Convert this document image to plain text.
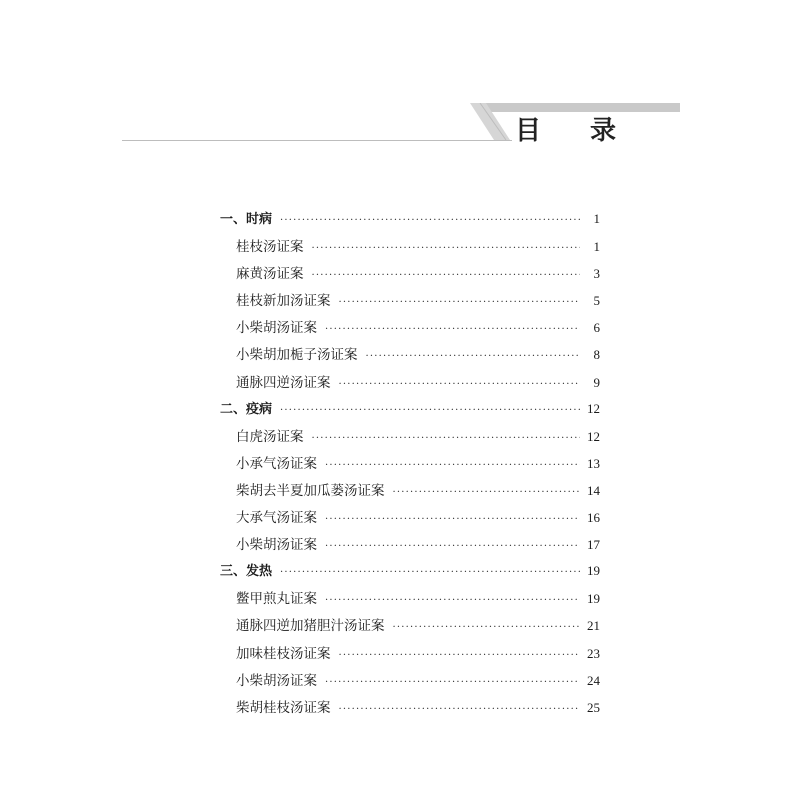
目 录
一、时病 ·····	1
桂枝汤证案 ·····	1
麻黄汤证案 ·····	3
桂枝新加汤证案 ·····	5
小柴胡汤证案 ·····	6
小柴胡加栀子汤证案 ·····	8
通脉四逆汤证案 ·····	9
二、疫病 ·····	12
白虎汤证案 ·····	12
小承气汤证案 ·····	13
柴胡去半夏加瓜蒌汤证案 ·····	14
大承气汤证案 ·····	16
小柴胡汤证案 ·····	17
三、发热 ·····	19
鳖甲煎丸证案 ·····	19
通脉四逆加猪胆汁汤证案 ·····	21
加味桂枝汤证案 ·····	23
小柴胡汤证案 ·····	24
柴胡桂枝汤证案 ·····	25
